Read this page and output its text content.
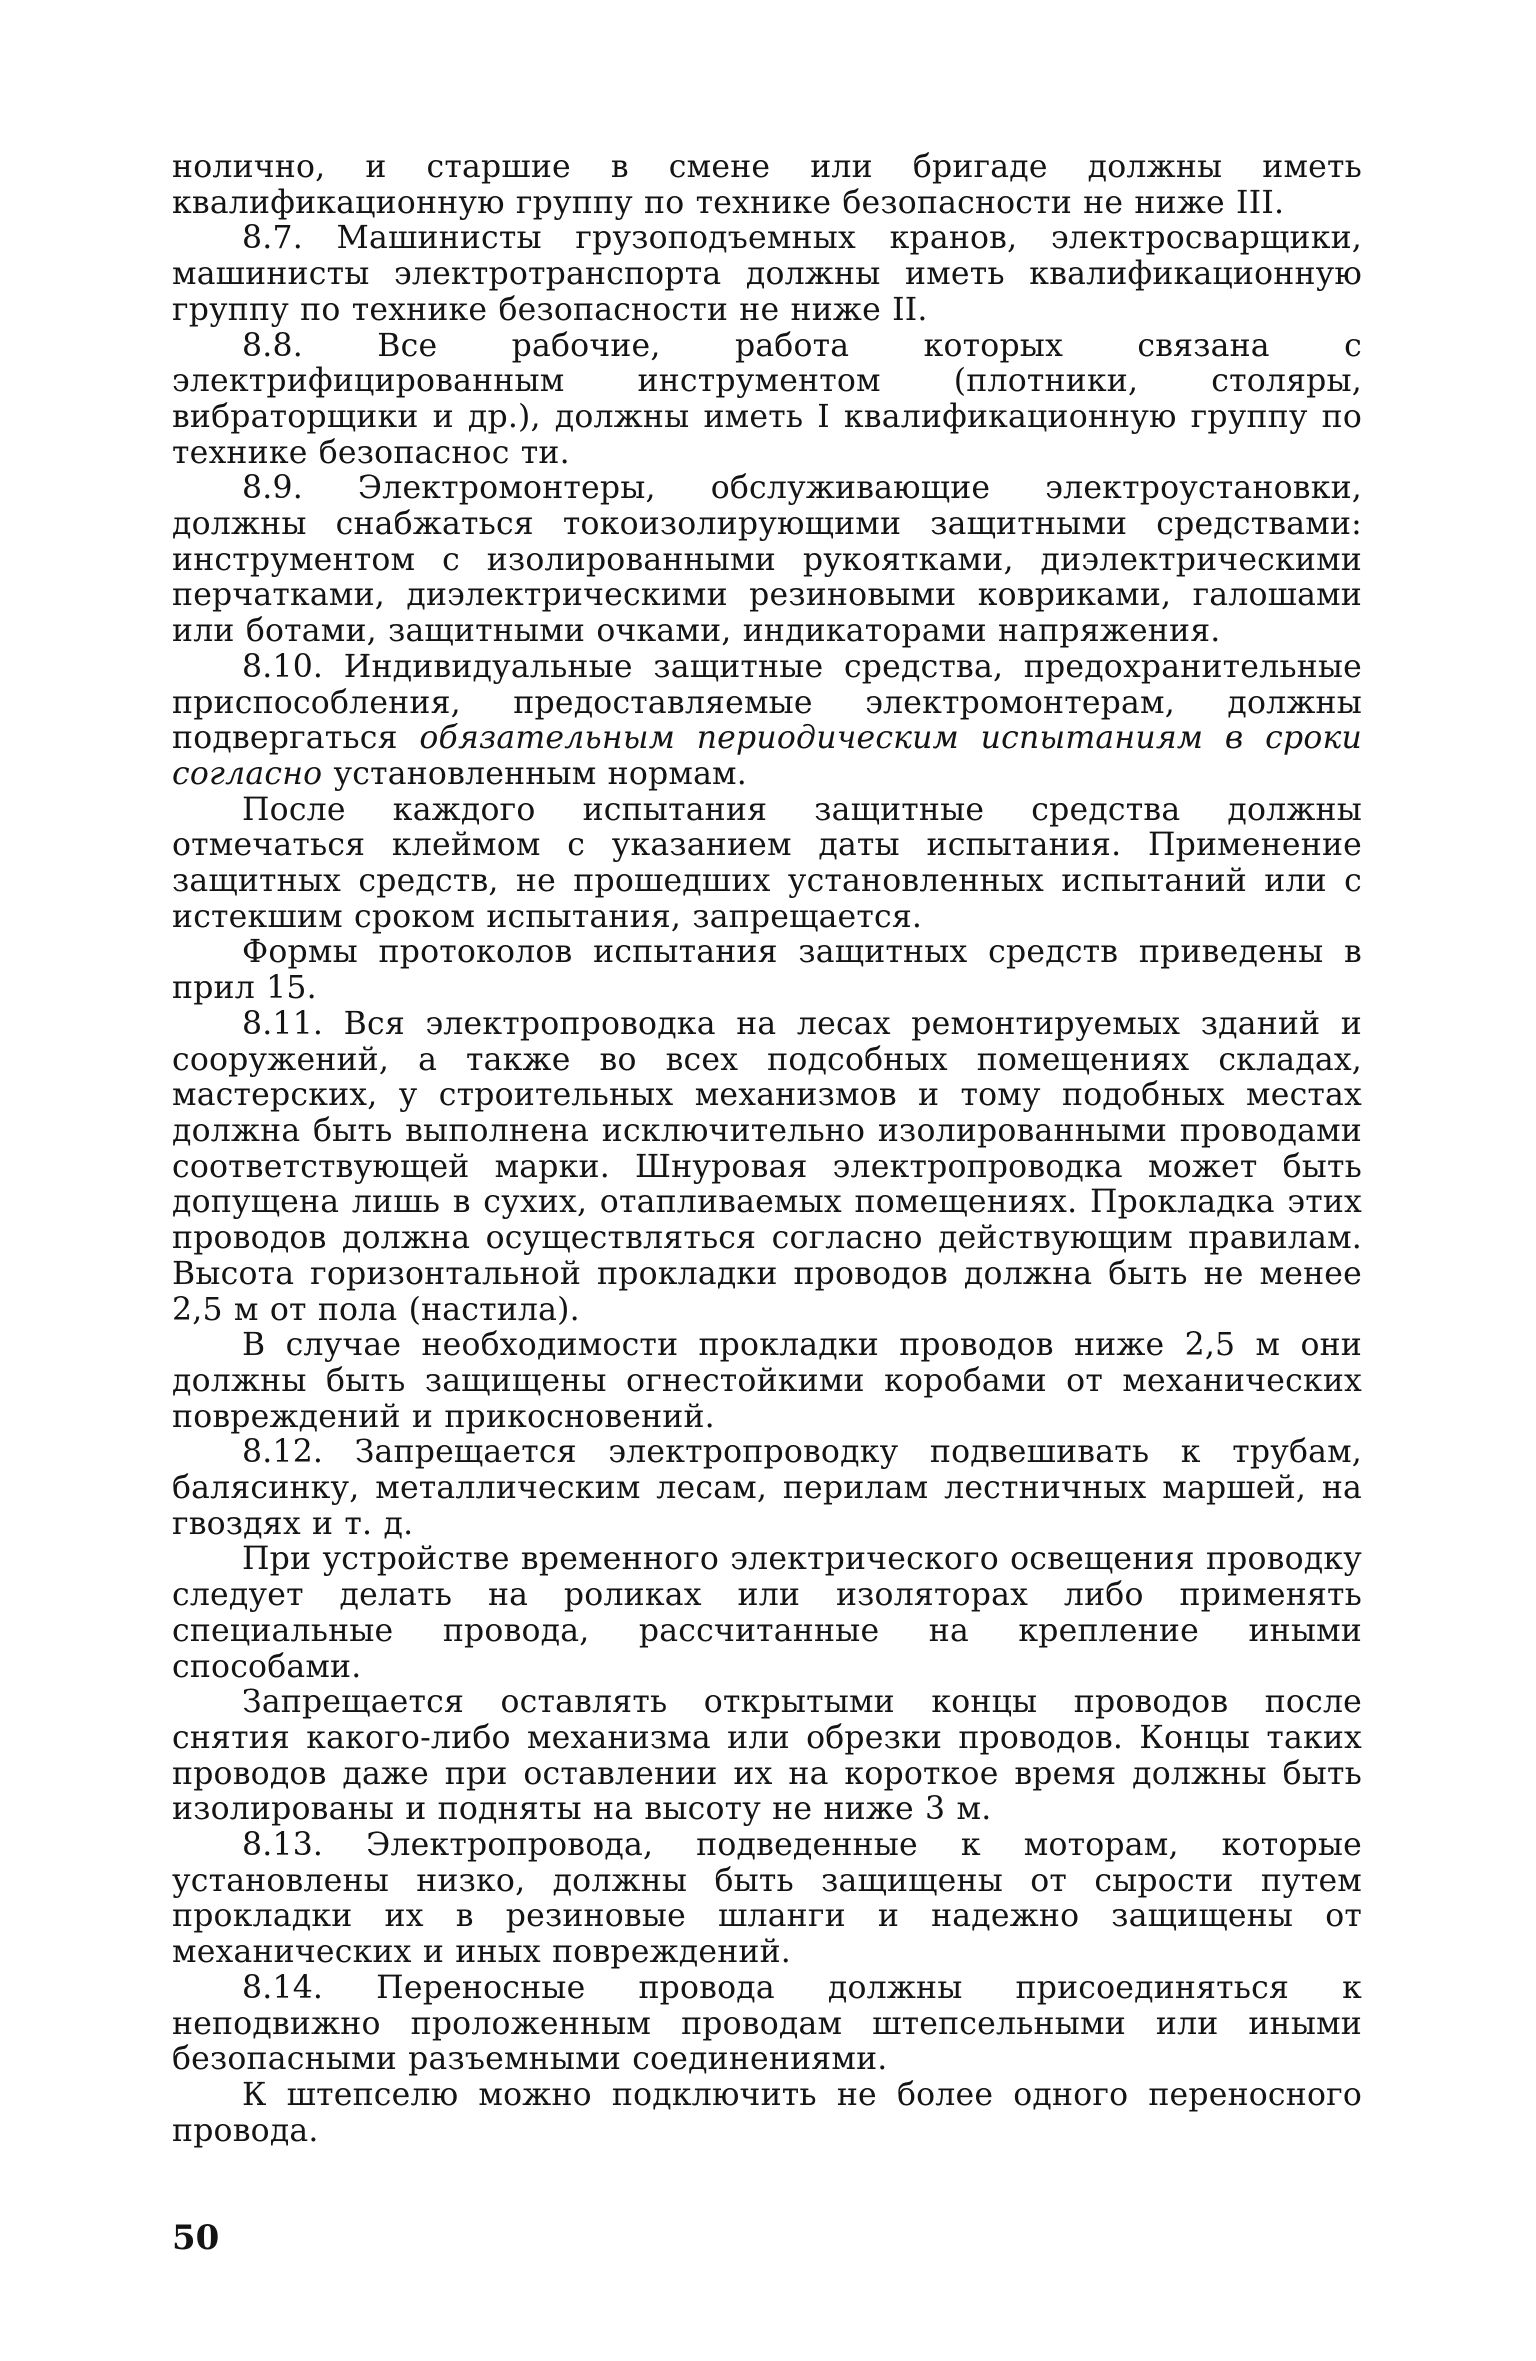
нолично, и старшие в смене или бригаде должны иметь квалификационную группу по технике безопасности не ниже III.

8.7. Машинисты грузоподъемных кранов, электросварщики, машинисты электротранспорта должны иметь квалификационную группу по технике безопасности не ниже II.

8.8. Все рабочие, работа которых связана с электрифицированным инструментом (плотники, столяры, вибраторщики и др.), должны иметь I квалификационную группу по технике безопаснос ти.

8.9. Электромонтеры, обслуживающие электроустановки, должны снабжаться токоизолирующими защитными средствами: инструментом с изолированными рукоятками, диэлектрическими перчатками, диэлектрическими резиновыми ковриками, галошами или ботами, защитными очками, индикаторами напряжения.

8.10. Индивидуальные защитные средства, предохранительные приспособления, предоставляемые электромонтерам, должны подвергаться обязательным периодическим испытаниям в сроки согласно установленным нормам.

После каждого испытания защитные средства должны отмечаться клеймом с указанием даты испытания. Применение защитных средств, не прошедших установленных испытаний или с истекшим сроком испытания, запрещается.

Формы протоколов испытания защитных средств приведены в прил 15.

8.11. Вся электропроводка на лесах ремонтируемых зданий и сооружений, а также во всех подсобных помещениях складах, мастерских, у строительных механизмов и тому подобных местах должна быть выполнена исключительно изолированными проводами соответствующей марки. Шнуровая электропроводка может быть допущена лишь в сухих, отапливаемых помещениях. Прокладка этих проводов должна осуществляться согласно действующим правилам. Высота горизонтальной прокладки проводов должна быть не менее 2,5 м от пола (настила).

В случае необходимости прокладки проводов ниже 2,5 м они должны быть защищены огнестойкими коробами от механических повреждений и прикосновений.

8.12. Запрещается электропроводку подвешивать к трубам, балясинку, металлическим лесам, перилам лестничных маршей, на гвоздях и т. д.

При устройстве временного электрического освещения проводку следует делать на роликах или изоляторах либо применять специальные провода, рассчитанные на крепление иными способами.

Запрещается оставлять открытыми концы проводов после снятия какого-либо механизма или обрезки проводов. Концы таких проводов даже при оставлении их на короткое время должны быть изолированы и подняты на высоту не ниже 3 м.

8.13. Электропровода, подведенные к моторам, которые установлены низко, должны быть защищены от сырости путем прокладки их в резиновые шланги и надежно защищены от механических и иных повреждений.

8.14. Переносные провода должны присоединяться к неподвижно проложенным проводам штепсельными или иными безопасными разъемными соединениями.

К штепселю можно подключить не более одного переносного провода.

50
